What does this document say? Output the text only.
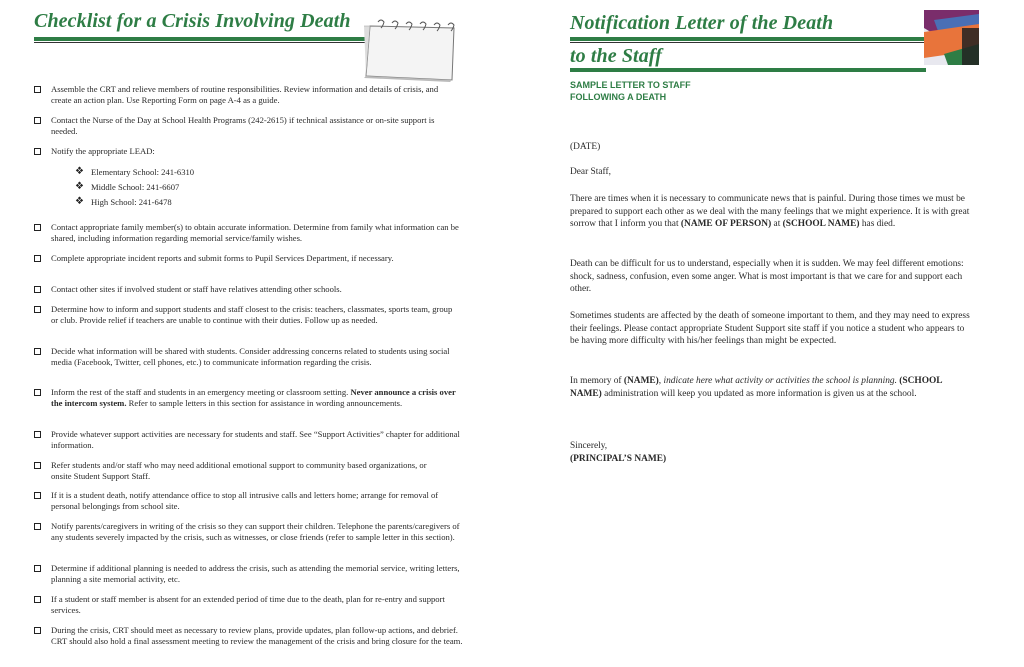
Checklist for a Crisis Involving Death
Assemble the CRT and relieve members of routine responsibilities. Review information and details of crisis, and create an action plan. Use Reporting Form on page A-4 as a guide.
Contact the Nurse of the Day at School Health Programs (242-2615) if technical assistance or on-site support is needed.
Notify the appropriate LEAD:
❖ Elementary School: 241-6310
❖ Middle School: 241-6607
❖ High School: 241-6478
Contact appropriate family member(s) to obtain accurate information. Determine from family what information can be shared, including information regarding memorial service/family wishes.
Complete appropriate incident reports and submit forms to Pupil Services Department, if necessary.
Contact other sites if involved student or staff have relatives attending other schools.
Determine how to inform and support students and staff closest to the crisis: teachers, classmates, sports team, group or club. Provide relief if teachers are unable to continue with their duties. Follow up as needed.
Decide what information will be shared with students. Consider addressing concerns related to students using social media (Facebook, Twitter, cell phones, etc.) to communicate information regarding the crisis.
Inform the rest of the staff and students in an emergency meeting or classroom setting. Never announce a crisis over the intercom system. Refer to sample letters in this section for assistance in wording announcements.
Provide whatever support activities are necessary for students and staff. See “Support Activities” chapter for additional information.
Refer students and/or staff who may need additional emotional support to community based organizations, or onsite Student Support Staff.
If it is a student death, notify attendance office to stop all intrusive calls and letters home; arrange for removal of personal belongings from school site.
Notify parents/caregivers in writing of the crisis so they can support their children. Telephone the parents/caregivers of any students severely impacted by the crisis, such as witnesses, or close friends (refer to sample letter in this section).
Determine if additional planning is needed to address the crisis, such as attending the memorial service, writing letters, planning a site memorial activity, etc.
If a student or staff member is absent for an extended period of time due to the death, plan for re-entry and support services.
During the crisis, CRT should meet as necessary to review plans, provide updates, plan follow-up actions, and debrief. CRT should also hold a final assessment meeting to review the management of the crisis and bring closure for the team.
Notification Letter of the Death
to the Staff
SAMPLE LETTER TO STAFF
FOLLOWING A DEATH

(DATE)

Dear Staff,

There are times when it is necessary to communicate news that is painful. During those times we must be prepared to support each other as we deal with the many feelings that we might experience. It is with great sorrow that I inform you that (NAME OF PERSON) at (SCHOOL NAME) has died.

Death can be difficult for us to understand, especially when it is sudden. We may feel different emotions: shock, sadness, confusion, even some anger. What is most important is that we care for and support each other.

Sometimes students are affected by the death of someone important to them, and they may need to express their feelings. Please contact appropriate Student Support site staff if you notice a student who appears to be having more difficulty with his/her feelings than might be expected.

In memory of (NAME), indicate here what activity or activities the school is planning. (SCHOOL NAME) administration will keep you updated as more information is given us at the school.

Sincerely,

(PRINCIPAL’S NAME)
